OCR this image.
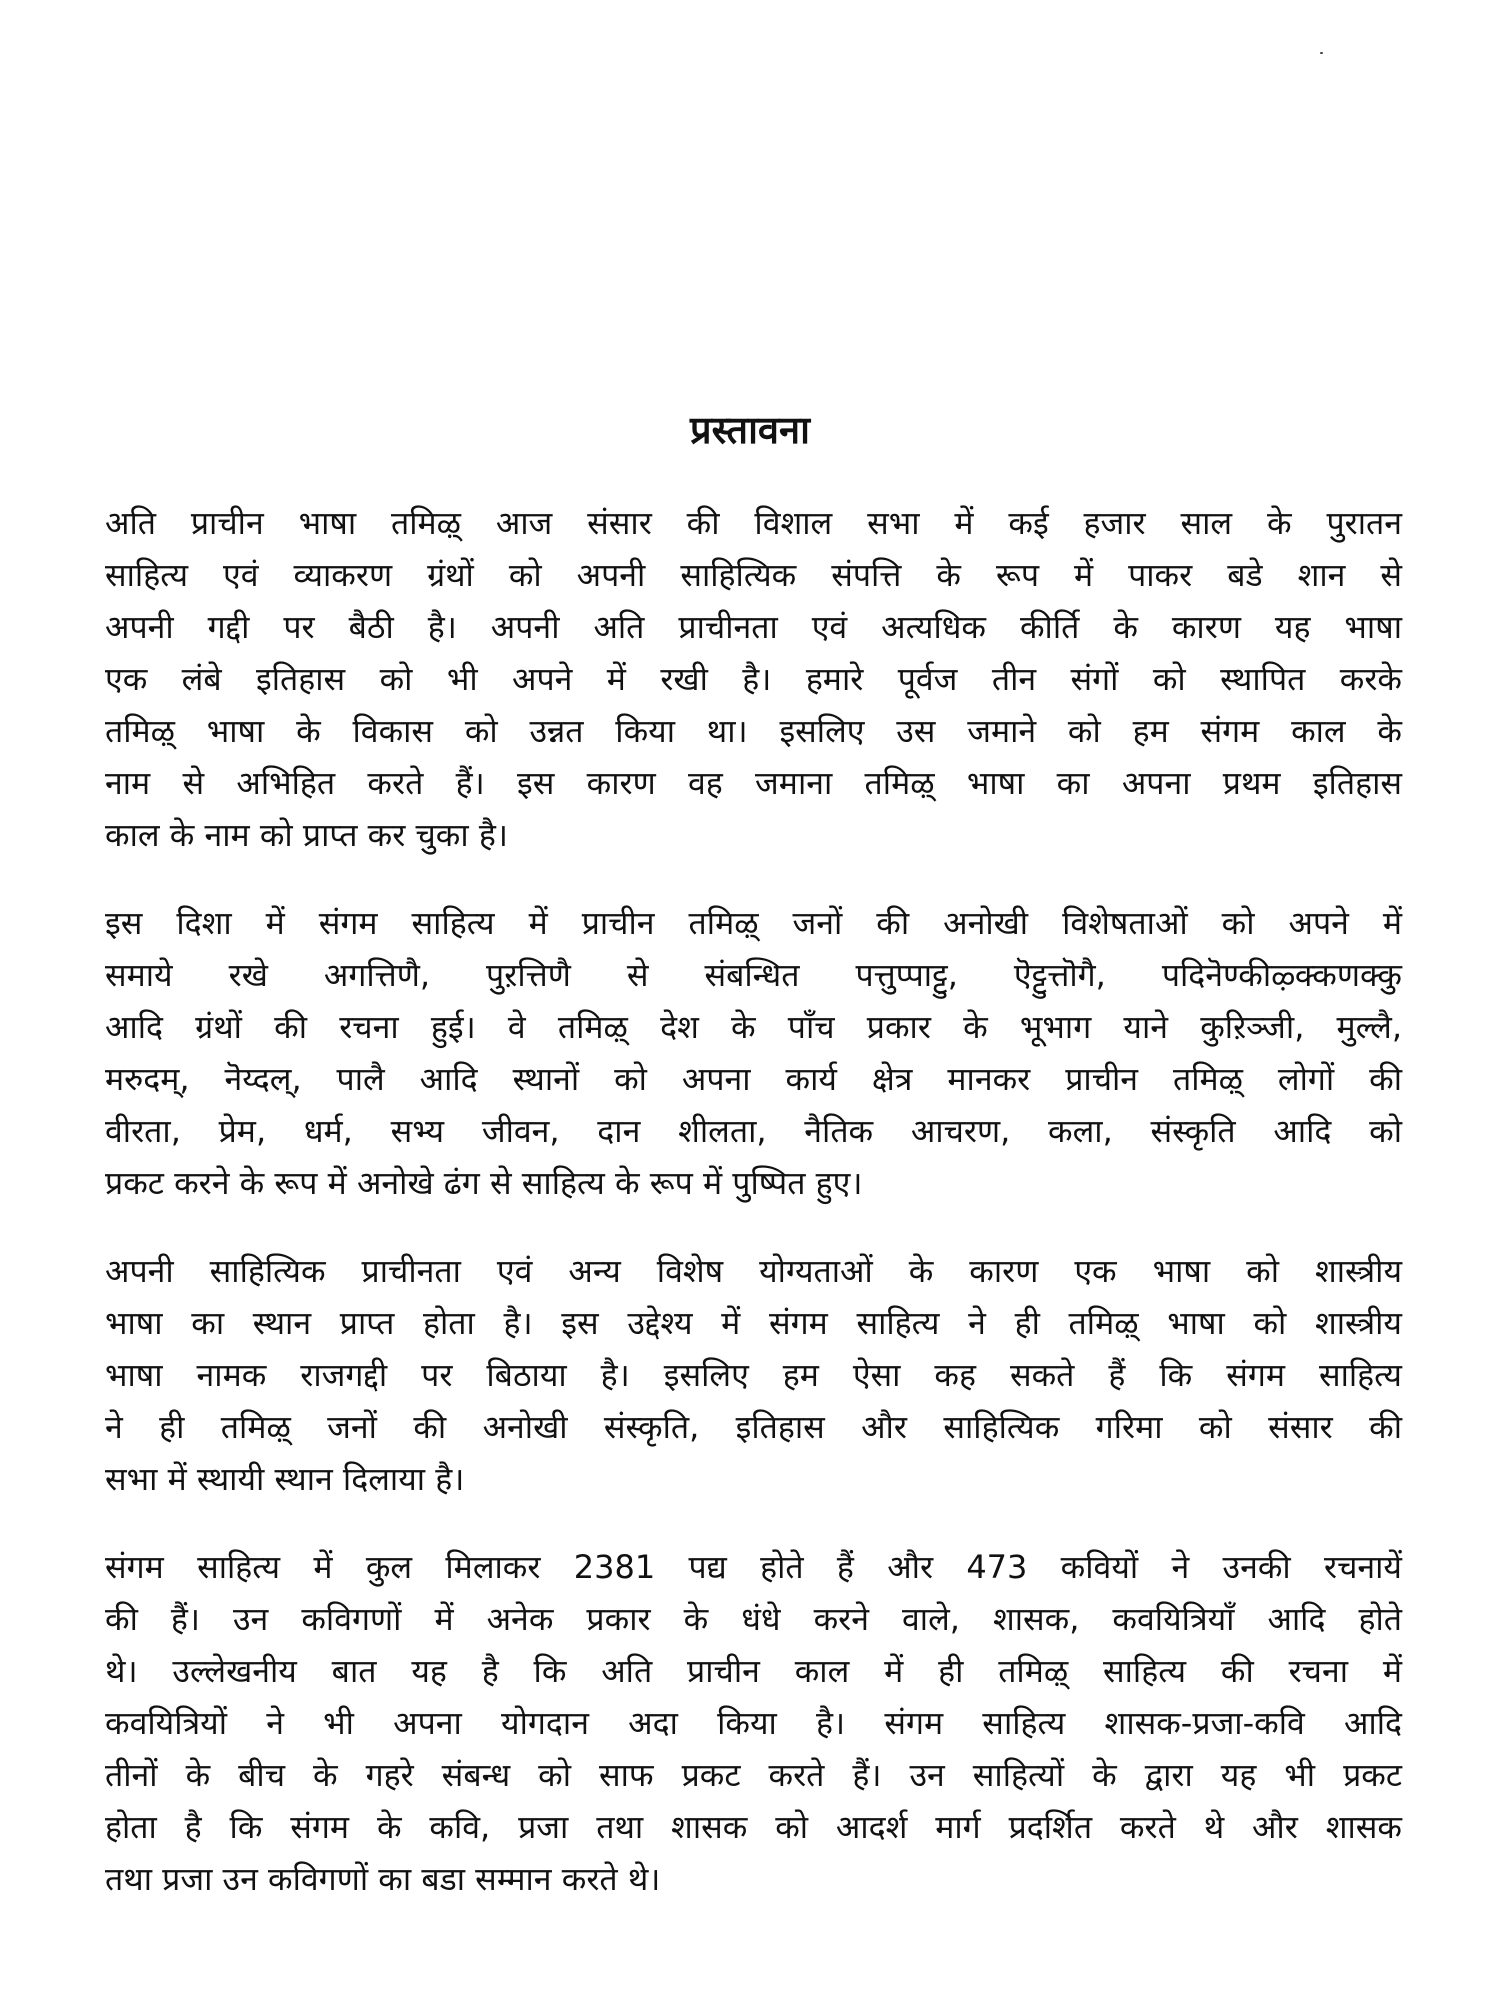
प्रस्तावना

अति प्राचीन भाषा तमिऴ् आज संसार की विशाल सभा में कई हजार साल के पुरातन
साहित्य एवं व्याकरण ग्रंथों को अपनी साहित्यिक संपत्ति के रूप में पाकर बडे शान से
अपनी गद्दी पर बैठी है। अपनी अति प्राचीनता एवं अत्यधिक कीर्ति के कारण यह भाषा
एक लंबे इतिहास को भी अपने में रखी है। हमारे पूर्वज तीन संगों को स्थापित करके
तमिऴ् भाषा के विकास को उन्नत किया था। इसलिए उस जमाने को हम संगम काल के
नाम से अभिहित करते हैं। इस कारण वह जमाना तमिऴ् भाषा का अपना प्रथम इतिहास
काल के नाम को प्राप्त कर चुका है।

इस दिशा में संगम साहित्य में प्राचीन तमिऴ् जनों की अनोखी विशेषताओं को अपने में
समाये रखे अगत्तिणै, पुऱत्तिणै से संबन्धित पत्तुप्पाट्टु, ऎट्टुत्तॊगै, पदिनॆण्कीऴ्क्कणक्कु
आदि ग्रंथों की रचना हुई। वे तमिऴ् देश के पाँच प्रकार के भूभाग याने कुऱिञ्जी, मुल्लै,
मरुदम्, नॆय्दल्, पालै आदि स्थानों को अपना कार्य क्षेत्र मानकर प्राचीन तमिऴ् लोगों की
वीरता, प्रेम, धर्म, सभ्य जीवन, दान शीलता, नैतिक आचरण, कला, संस्कृति आदि को
प्रकट करने के रूप में अनोखे ढंग से साहित्य के रूप में पुष्पित हुए।

अपनी साहित्यिक प्राचीनता एवं अन्य विशेष योग्यताओं के कारण एक भाषा को शास्त्रीय
भाषा का स्थान प्राप्त होता है। इस उद्देश्य में संगम साहित्य ने ही तमिऴ् भाषा को शास्त्रीय
भाषा नामक राजगद्दी पर बिठाया है। इसलिए हम ऐसा कह सकते हैं कि संगम साहित्य
ने ही तमिऴ् जनों की अनोखी संस्कृति, इतिहास और साहित्यिक गरिमा को संसार की
सभा में स्थायी स्थान दिलाया है।

संगम साहित्य में कुल मिलाकर 2381 पद्य होते हैं और 473 कवियों ने उनकी रचनायें
की हैं। उन कविगणों में अनेक प्रकार के धंधे करने वाले, शासक, कवयित्रियाँ आदि होते
थे। उल्लेखनीय बात यह है कि अति प्राचीन काल में ही तमिऴ् साहित्य की रचना में
कवयित्रियों ने भी अपना योगदान अदा किया है। संगम साहित्य शासक-प्रजा-कवि आदि
तीनों के बीच के गहरे संबन्ध को साफ प्रकट करते हैं। उन साहित्यों के द्वारा यह भी प्रकट
होता है कि संगम के कवि, प्रजा तथा शासक को आदर्श मार्ग प्रदर्शित करते थे और शासक
तथा प्रजा उन कविगणों का बडा सम्मान करते थे।
